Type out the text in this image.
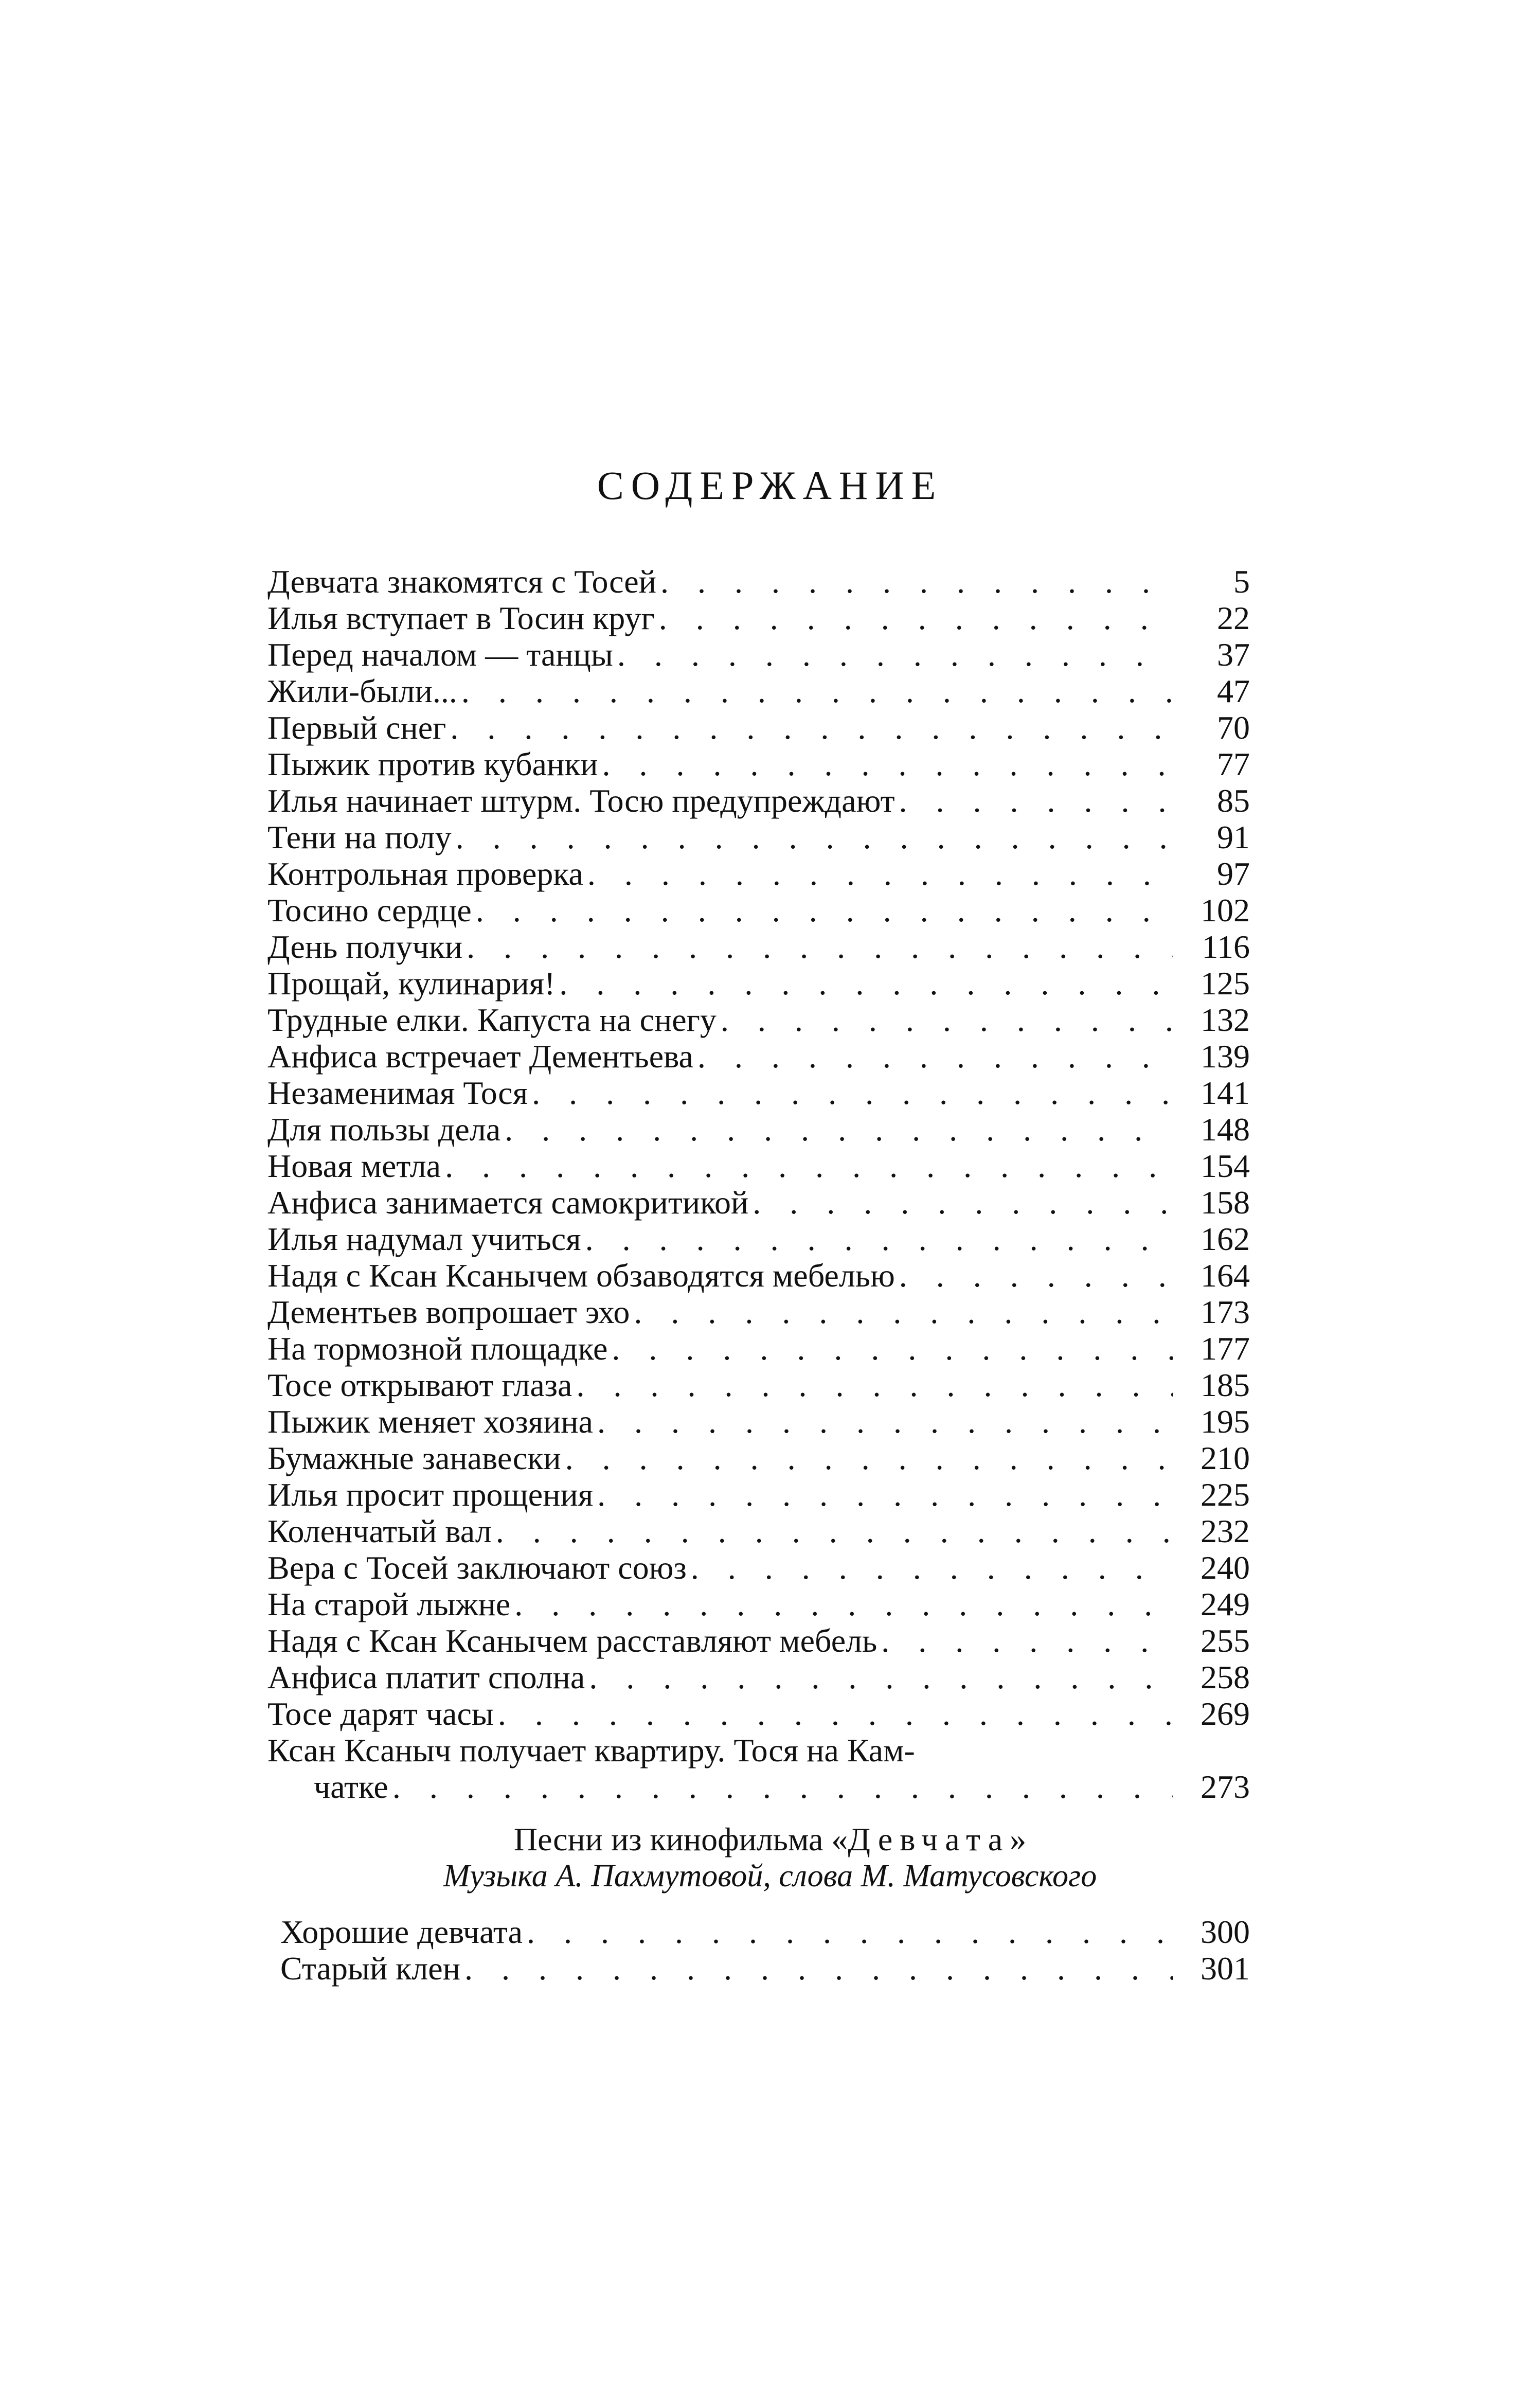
СОДЕРЖАНИЕ
Девчата знакомятся с Тосей . . .	5
Илья вступает в Тосин круг . . .	22
Перед началом — танцы . . .	37
Жили-были... . . .	47
Первый снег . . .	70
Пыжик против кубанки . . .	77
Илья начинает штурм. Тосю предупреждают . . .	85
Тени на полу . . .	91
Контрольная проверка . . .	97
Тосино сердце . . .	102
День получки . . .	116
Прощай, кулинария! . . .	125
Трудные елки. Капуста на снегу . . .	132
Анфиса встречает Дементьева . . .	139
Незаменимая Тося . . .	141
Для пользы дела . . .	148
Новая метла . . .	154
Анфиса занимается самокритикой . . .	158
Илья надумал учиться . . .	162
Надя с Ксан Ксанычем обзаводятся мебелью . . .	164
Дементьев вопрошает эхо . . .	173
На тормозной площадке . . .	177
Тосе открывают глаза . . .	185
Пыжик меняет хозяина . . .	195
Бумажные занавески . . .	210
Илья просит прощения . . .	225
Коленчатый вал . . .	232
Вера с Тосей заключают союз . . .	240
На старой лыжне . . .	249
Надя с Ксан Ксанычем расставляют мебель . . .	255
Анфиса платит сполна . . .	258
Тосе дарят часы . . .	269
Ксан Ксаныч получает квартиру. Тося на Кам-
чатке . . .	273
Песни из кинофильма «Девчата»
Музыка А. Пахмутовой, слова М. Матусовского
Хорошие девчата . . .	300
Старый клен . . .	301
